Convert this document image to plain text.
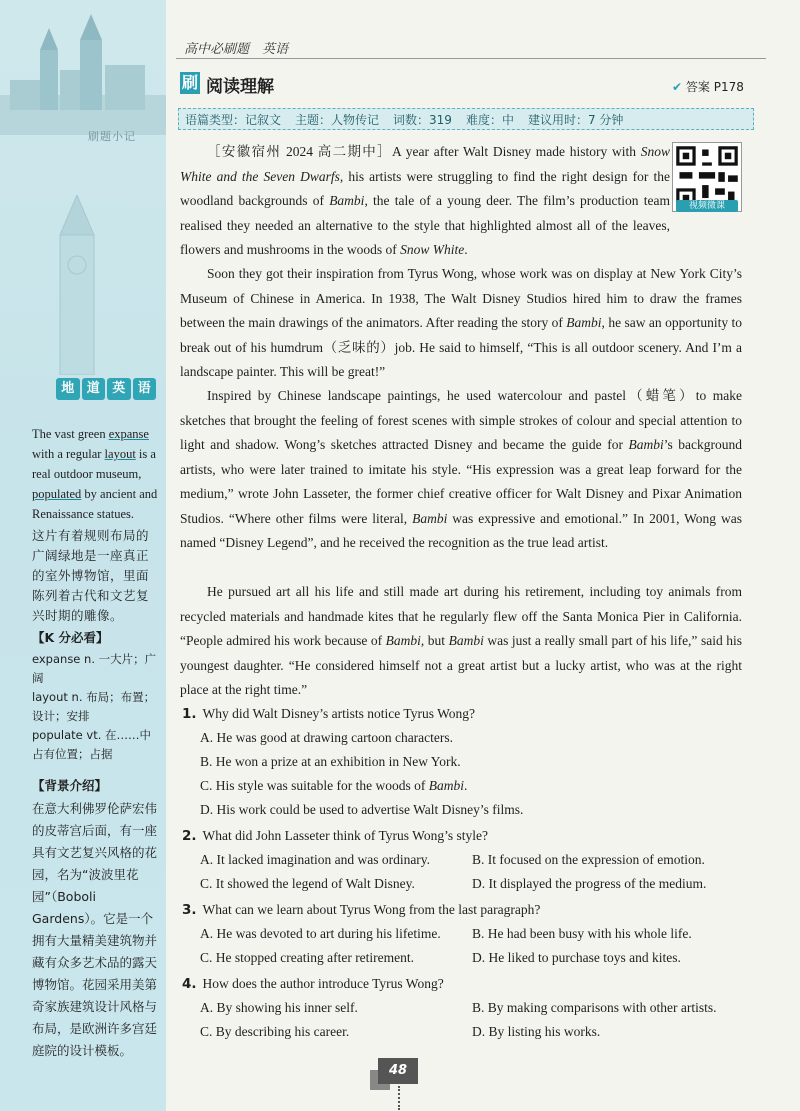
刷题小记
地 道 英 语
The vast green expanse with a regular layout is a real outdoor museum, populated by ancient and Renaissance statues.
这片有着规则布局的广阔绿地是一座真正的室外博物馆，里面陈列着古代和文艺复兴时期的雕像。
【K 分必看】
expanse n. 一大片；广阔
layout n. 布局；布置；设计；安排
populate vt. 在……中占有位置；占据
【背景介绍】
在意大利佛罗伦萨宏伟的皮蒂宫后面，有一座具有文艺复兴风格的花园，名为“波波里花园”（Boboli Gardens）。它是一个拥有大量精美建筑物并藏有众多艺术品的露天博物馆。花园采用美第奇家族建筑设计风格与布局，是欧洲许多宫廷庭院的设计模板。
高中必刷题　英语
刷 阅读理解	✔ 答案 P178
语篇类型：记叙文 主题：人物传记 词数：319 难度：中 建议用时：7 分钟
视频微课
［安徽宿州 2024 高二期中］A year after Walt Disney made history with Snow White and the Seven Dwarfs, his artists were struggling to find the right design for the woodland backgrounds of Bambi, the tale of a young deer. The film’s production team realised they needed an alternative to the style that highlighted almost all of the leaves, flowers and mushrooms in the woods of Snow White.
Soon they got their inspiration from Tyrus Wong, whose work was on display at New York City’s Museum of Chinese in America. In 1938, The Walt Disney Studios hired him to draw the frames between the main drawings of the animators. After reading the story of Bambi, he saw an opportunity to break out of his humdrum（乏味的）job. He said to himself, “This is all outdoor scenery. And I’m a landscape painter. This will be great!”
Inspired by Chinese landscape paintings, he used watercolour and pastel（蜡笔）to make sketches that brought the feeling of forest scenes with simple strokes of colour and special attention to light and shadow. Wong’s sketches attracted Disney and became the guide for Bambi’s background artists, who were later trained to imitate his style. “His expression was a great leap forward for the medium,” wrote John Lasseter, the former chief creative officer for Walt Disney and Pixar Animation Studios. “Where other films were literal, Bambi was expressive and emotional.” In 2001, Wong was named “Disney Legend”, and he received the recognition as the true lead artist.
He pursued art all his life and still made art during his retirement, including toy animals from recycled materials and handmade kites that he regularly flew off the Santa Monica Pier in California. “People admired his work because of Bambi, but Bambi was just a really small part of his life,” said his youngest daughter. “He considered himself not a great artist but a lucky artist, who was at the right place at the right time.”
1. Why did Walt Disney’s artists notice Tyrus Wong?
A. He was good at drawing cartoon characters.
B. He won a prize at an exhibition in New York.
C. His style was suitable for the woods of Bambi.
D. His work could be used to advertise Walt Disney’s films.
2. What did John Lasseter think of Tyrus Wong’s style?
A. It lacked imagination and was ordinary.	B. It focused on the expression of emotion.
C. It showed the legend of Walt Disney.	D. It displayed the progress of the medium.
3. What can we learn about Tyrus Wong from the last paragraph?
A. He was devoted to art during his lifetime. B. He had been busy with his whole life.
C. He stopped creating after retirement.	D. He liked to purchase toys and kites.
4. How does the author introduce Tyrus Wong?
A. By showing his inner self.	B. By making comparisons with other artists.
C. By describing his career.	D. By listing his works.
48
